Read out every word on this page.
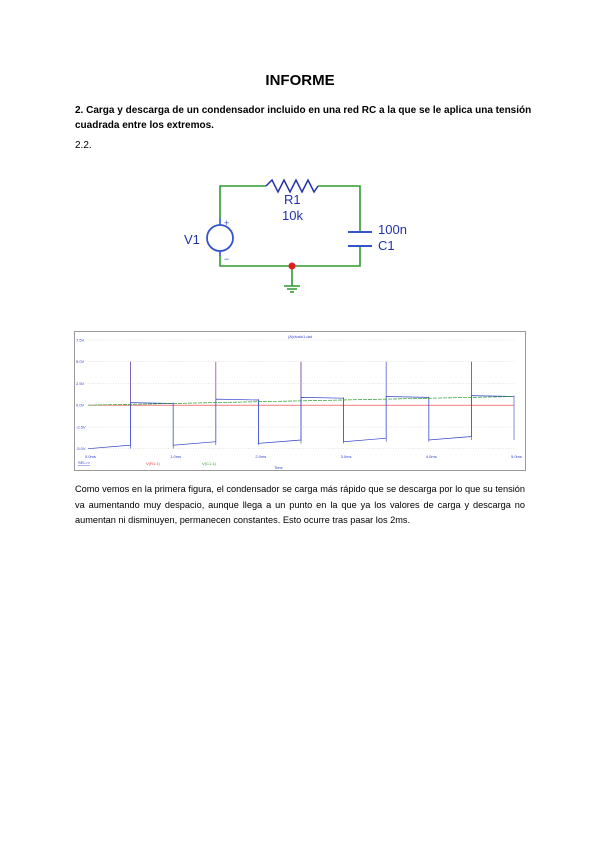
INFORME
2. Carga y descarga de un condensador incluido en una red RC a la que se le aplica una tensión cuadrada entre los extremos.
2.2.
R1
10k
100n
C1
+
−
V1
(A)dvalo1.dat
7.5V
5.0V
2.5V
0.0V
-2.5V
-5.0V
0.0ms	1.0ms	2.0ms	3.0ms	4.0ms	5.0ms
SEL>>	V(R1:1)	V(C1:1)
Time
Como vemos en la primera figura, el condensador se carga más rápido que se descarga por lo que su tensión va aumentando muy despacio, aunque llega a un punto en la que ya los valores de carga y descarga no aumentan ni disminuyen, permanecen constantes. Esto ocurre tras pasar los 2ms.
